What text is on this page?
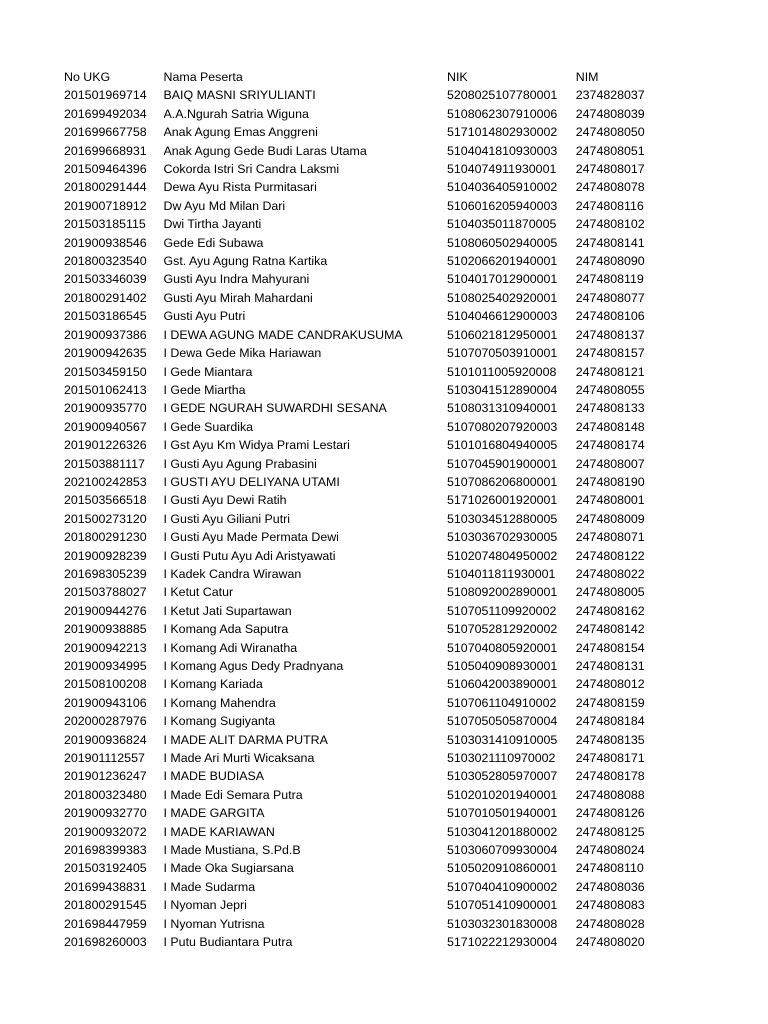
No UKG	Nama Peserta	NIK	NIM
201501969714	BAIQ MASNI SRIYULIANTI	5208025107780001	2374828037
201699492034	A.A.Ngurah Satria Wiguna	5108062307910006	2474808039
201699667758	Anak Agung Emas Anggreni	5171014802930002	2474808050
201699668931	Anak Agung Gede Budi Laras Utama	5104041810930003	2474808051
201509464396	Cokorda Istri Sri Candra Laksmi	5104074911930001	2474808017
201800291444	Dewa Ayu Rista Purmitasari	5104036405910002	2474808078
201900718912	Dw Ayu Md Milan Dari	5106016205940003	2474808116
201503185115	Dwi Tirtha Jayanti	5104035011870005	2474808102
201900938546	Gede Edi Subawa	5108060502940005	2474808141
201800323540	Gst. Ayu Agung Ratna Kartika	5102066201940001	2474808090
201503346039	Gusti Ayu Indra Mahyurani	5104017012900001	2474808119
201800291402	Gusti Ayu Mirah Mahardani	5108025402920001	2474808077
201503186545	Gusti Ayu Putri	5104046612900003	2474808106
201900937386	I DEWA AGUNG MADE CANDRAKUSUMA	5106021812950001	2474808137
201900942635	I Dewa Gede Mika Hariawan	5107070503910001	2474808157
201503459150	I Gede Miantara	5101011005920008	2474808121
201501062413	I Gede Miartha	5103041512890004	2474808055
201900935770	I GEDE NGURAH SUWARDHI SESANA	5108031310940001	2474808133
201900940567	I Gede Suardika	5107080207920003	2474808148
201901226326	I Gst Ayu Km Widya Prami Lestari	5101016804940005	2474808174
201503881117	I Gusti Ayu Agung Prabasini	5107045901900001	2474808007
202100242853	I GUSTI AYU DELIYANA UTAMI	5107086206800001	2474808190
201503566518	I Gusti Ayu Dewi Ratih	5171026001920001	2474808001
201500273120	I Gusti Ayu Giliani Putri	5103034512880005	2474808009
201800291230	I Gusti Ayu Made Permata Dewi	5103036702930005	2474808071
201900928239	I Gusti Putu Ayu Adi Aristyawati	5102074804950002	2474808122
201698305239	I Kadek Candra Wirawan	5104011811930001	2474808022
201503788027	I Ketut Catur	5108092002890001	2474808005
201900944276	I Ketut Jati Supartawan	5107051109920002	2474808162
201900938885	I Komang Ada Saputra	5107052812920002	2474808142
201900942213	I Komang Adi Wiranatha	5107040805920001	2474808154
201900934995	I Komang Agus Dedy Pradnyana	5105040908930001	2474808131
201508100208	I Komang Kariada	5106042003890001	2474808012
201900943106	I Komang Mahendra	5107061104910002	2474808159
202000287976	I Komang Sugiyanta	5107050505870004	2474808184
201900936824	I MADE ALIT DARMA PUTRA	5103031410910005	2474808135
201901112557	I Made Ari Murti Wicaksana	5103021110970002	2474808171
201901236247	I MADE BUDIASA	5103052805970007	2474808178
201800323480	I Made Edi Semara Putra	5102010201940001	2474808088
201900932770	I MADE GARGITA	5107010501940001	2474808126
201900932072	I MADE KARIAWAN	5103041201880002	2474808125
201698399383	I Made Mustiana, S.Pd.B	5103060709930004	2474808024
201503192405	I Made Oka Sugiarsana	5105020910860001	2474808110
201699438831	I Made Sudarma	5107040410900002	2474808036
201800291545	I Nyoman Jepri	5107051410900001	2474808083
201698447959	I Nyoman Yutrisna	5103032301830008	2474808028
201698260003	I Putu Budiantara Putra	5171022212930004	2474808020
